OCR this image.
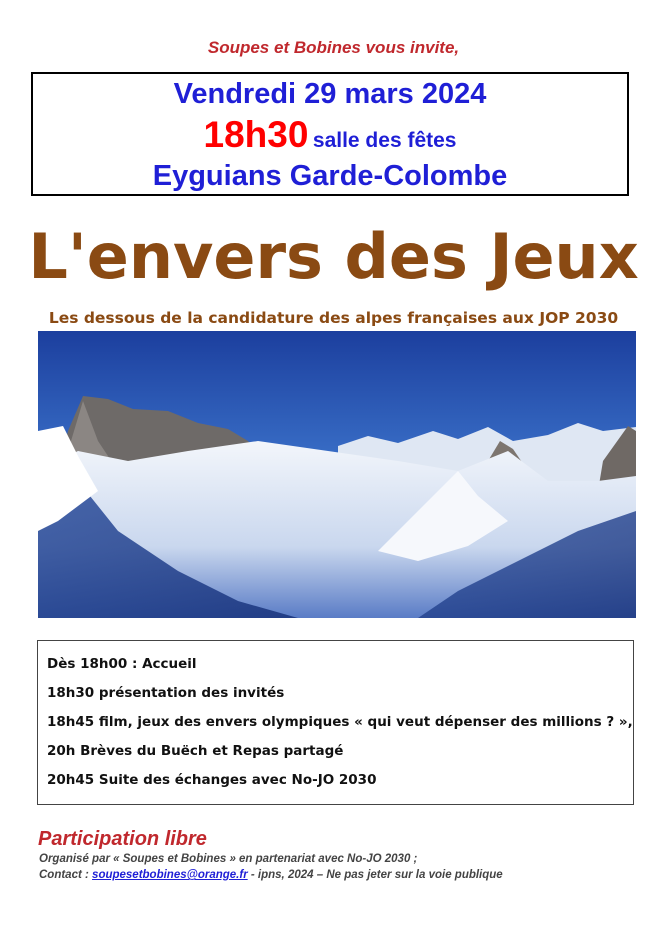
Soupes et Bobines vous invite,
Vendredi 29 mars 2024
18h30 salle des fêtes
Eyguians Garde-Colombe
L'envers des Jeux
Les dessous de la candidature des alpes françaises aux JOP 2030
Dès 18h00 : Accueil
18h30 présentation des invités
18h45 film, jeux des envers olympiques « qui veut dépenser des millions ? »,
20h Brèves du Buëch et Repas partagé
20h45 Suite des échanges avec No-JO 2030
Participation libre
Organisé par « Soupes et Bobines » en partenariat avec No-JO 2030 ;
Contact : soupesetbobines@orange.fr - ipns, 2024 – Ne pas jeter sur la voie publique
